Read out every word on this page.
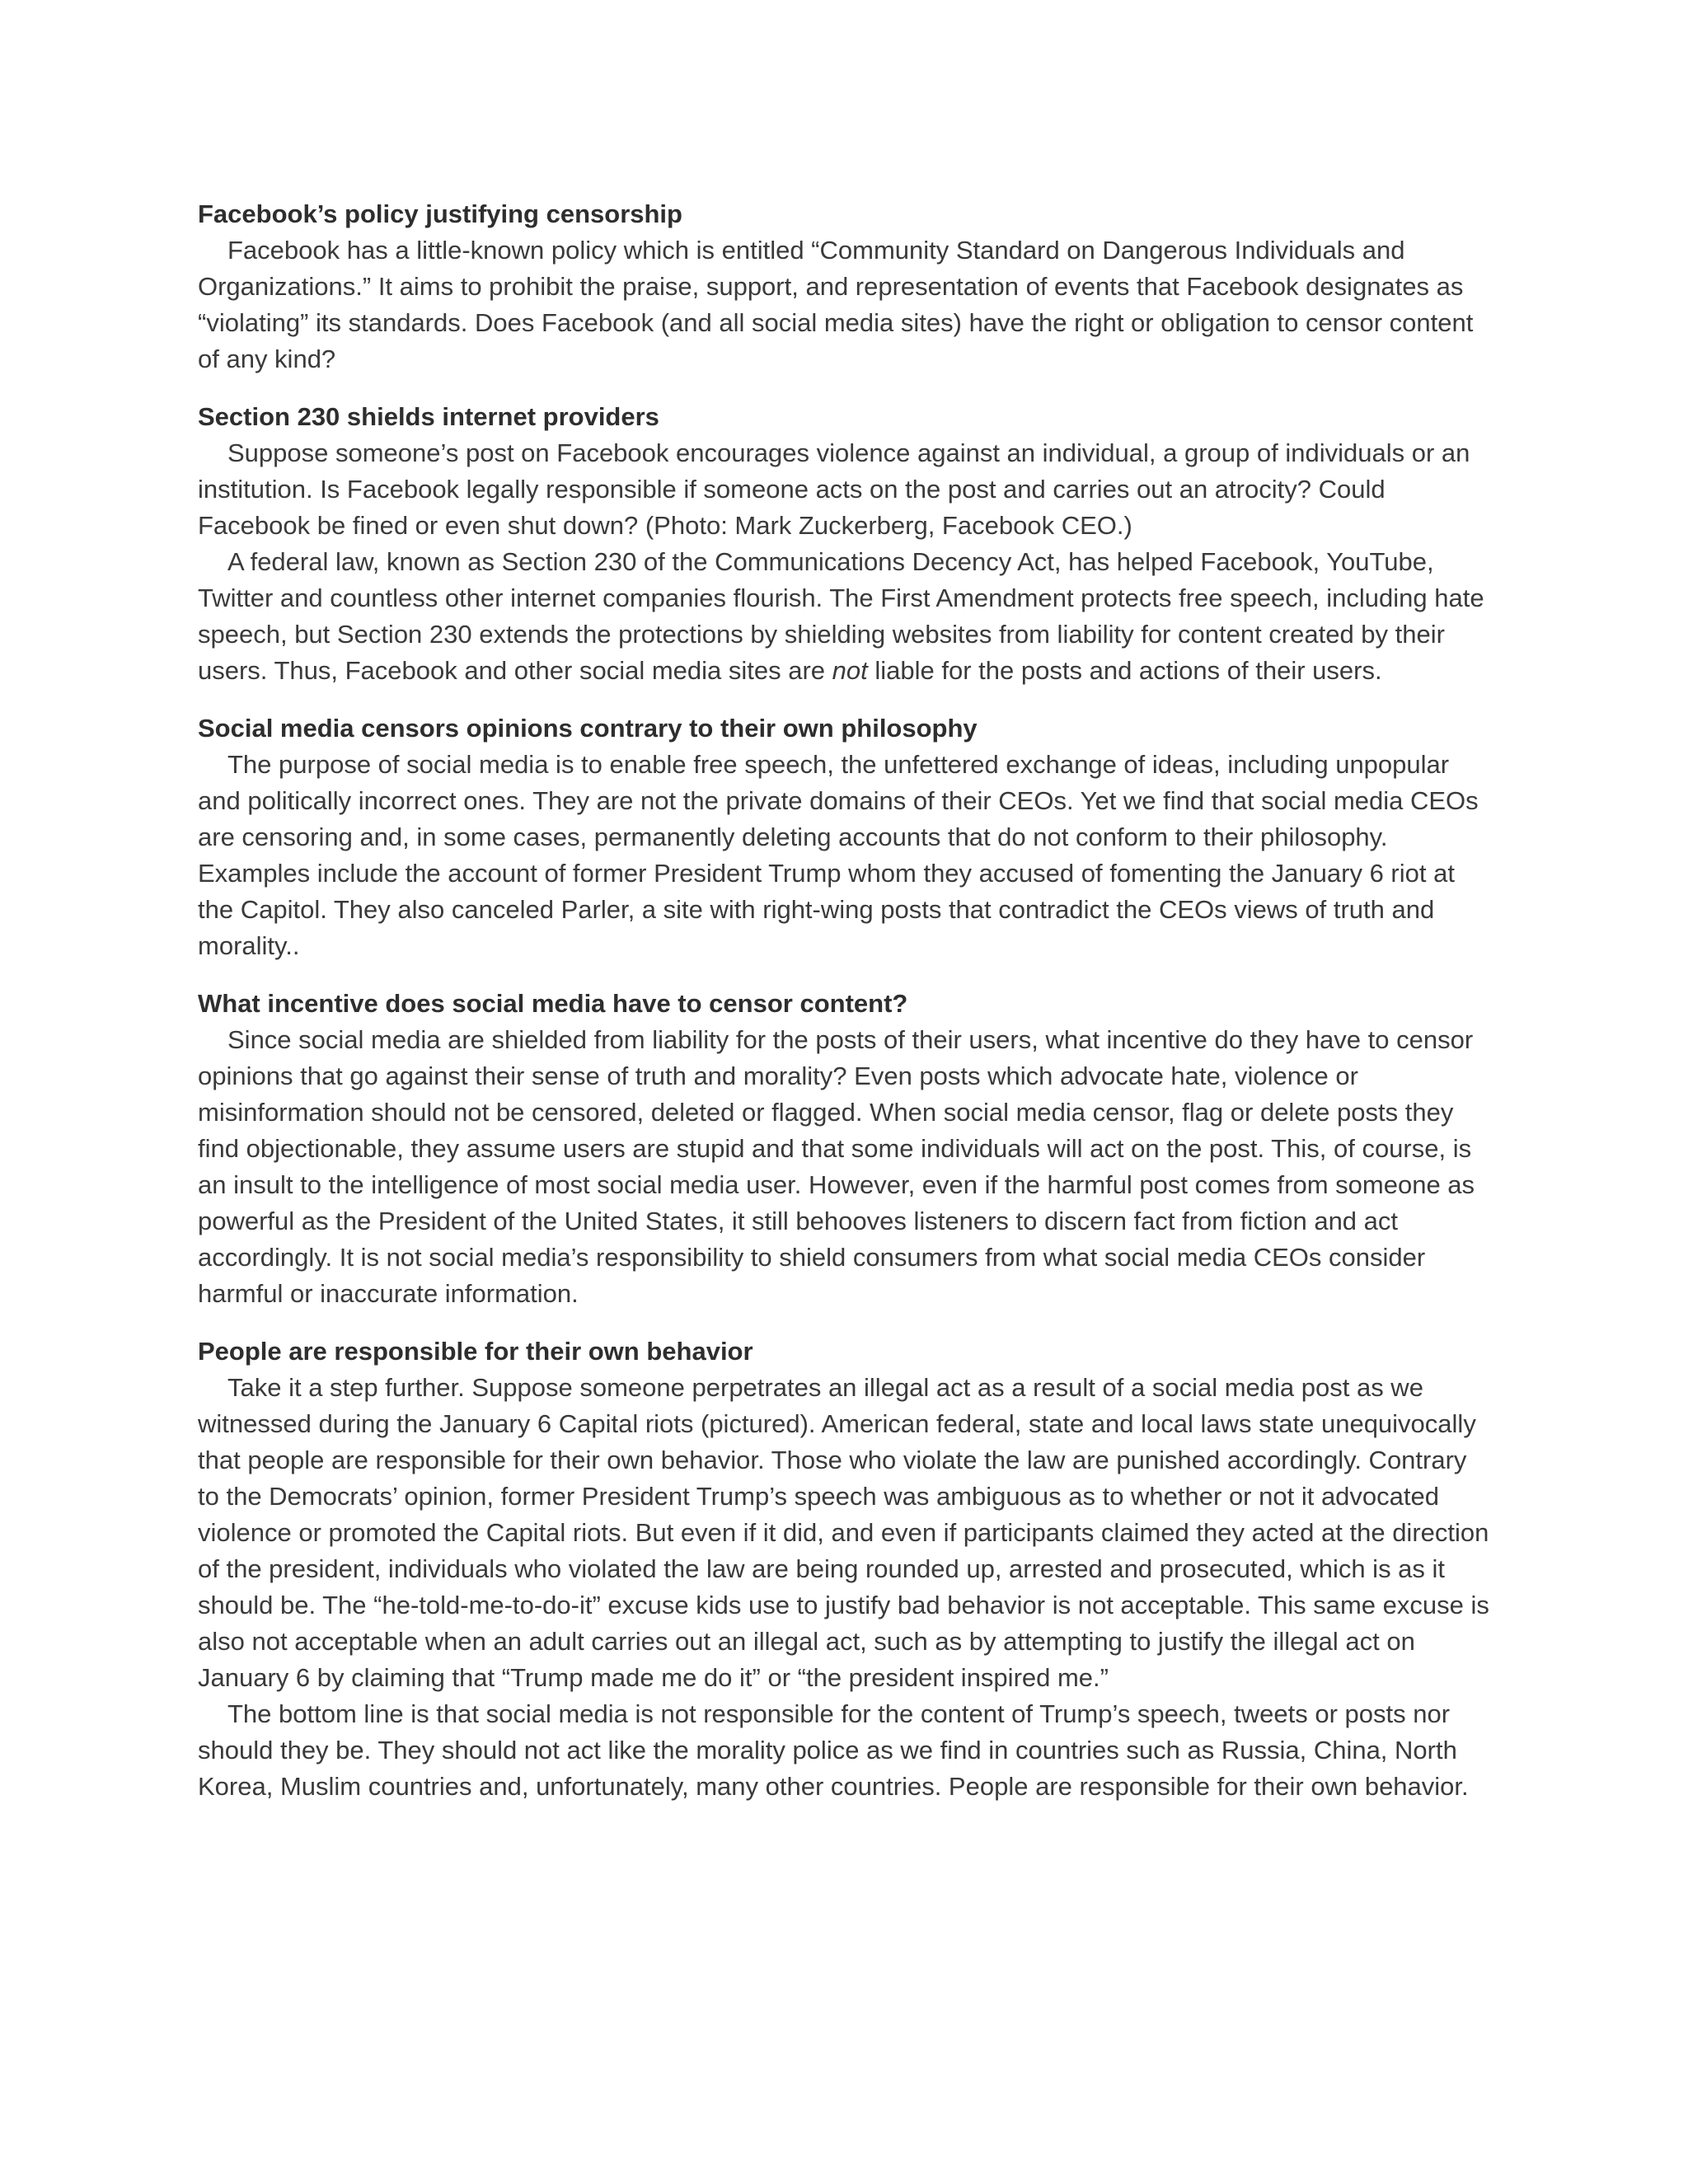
Facebook’s policy justifying censorship

Facebook has a little-known policy which is entitled “Community Standard on Dangerous Individuals and Organizations.” It aims to prohibit the praise, support, and representation of events that Facebook designates as “violating” its standards. Does Facebook (and all social media sites) have the right or obligation to censor content of any kind?

Section 230 shields internet providers

Suppose someone’s post on Facebook encourages violence against an individual, a group of individuals or an institution. Is Facebook legally responsible if someone acts on the post and carries out an atrocity? Could Facebook be fined or even shut down? (Photo: Mark Zuckerberg, Facebook CEO.)

A federal law, known as Section 230 of the Communications Decency Act, has helped Facebook, YouTube, Twitter and countless other internet companies flourish. The First Amendment protects free speech, including hate speech, but Section 230 extends the protections by shielding websites from liability for content created by their users. Thus, Facebook and other social media sites are not liable for the posts and actions of their users.

Social media censors opinions contrary to their own philosophy

The purpose of social media is to enable free speech, the unfettered exchange of ideas, including unpopular and politically incorrect ones. They are not the private domains of their CEOs. Yet we find that social media CEOs are censoring and, in some cases, permanently deleting accounts that do not conform to their philosophy. Examples include the account of former President Trump whom they accused of fomenting the January 6 riot at the Capitol. They also canceled Parler, a site with right-wing posts that contradict the CEOs views of truth and morality..

What incentive does social media have to censor content?

Since social media are shielded from liability for the posts of their users, what incentive do they have to censor opinions that go against their sense of truth and morality? Even posts which advocate hate, violence or misinformation should not be censored, deleted or flagged. When social media censor, flag or delete posts they find objectionable, they assume users are stupid and that some individuals will act on the post. This, of course, is an insult to the intelligence of most social media user. However, even if the harmful post comes from someone as powerful as the President of the United States, it still behooves listeners to discern fact from fiction and act accordingly. It is not social media’s responsibility to shield consumers from what social media CEOs consider harmful or inaccurate information.

People are responsible for their own behavior

Take it a step further. Suppose someone perpetrates an illegal act as a result of a social media post as we witnessed during the January 6 Capital riots (pictured). American federal, state and local laws state unequivocally that people are responsible for their own behavior. Those who violate the law are punished accordingly. Contrary to the Democrats’ opinion, former President Trump’s speech was ambiguous as to whether or not it advocated violence or promoted the Capital riots. But even if it did, and even if participants claimed they acted at the direction of the president, individuals who violated the law are being rounded up, arrested and prosecuted, which is as it should be. The “he-told-me-to-do-it” excuse kids use to justify bad behavior is not acceptable. This same excuse is also not acceptable when an adult carries out an illegal act, such as by attempting to justify the illegal act on January 6 by claiming that “Trump made me do it” or “the president inspired me.”

The bottom line is that social media is not responsible for the content of Trump’s speech, tweets or posts nor should they be. They should not act like the morality police as we find in countries such as Russia, China, North Korea, Muslim countries and, unfortunately, many other countries. People are responsible for their own behavior.
